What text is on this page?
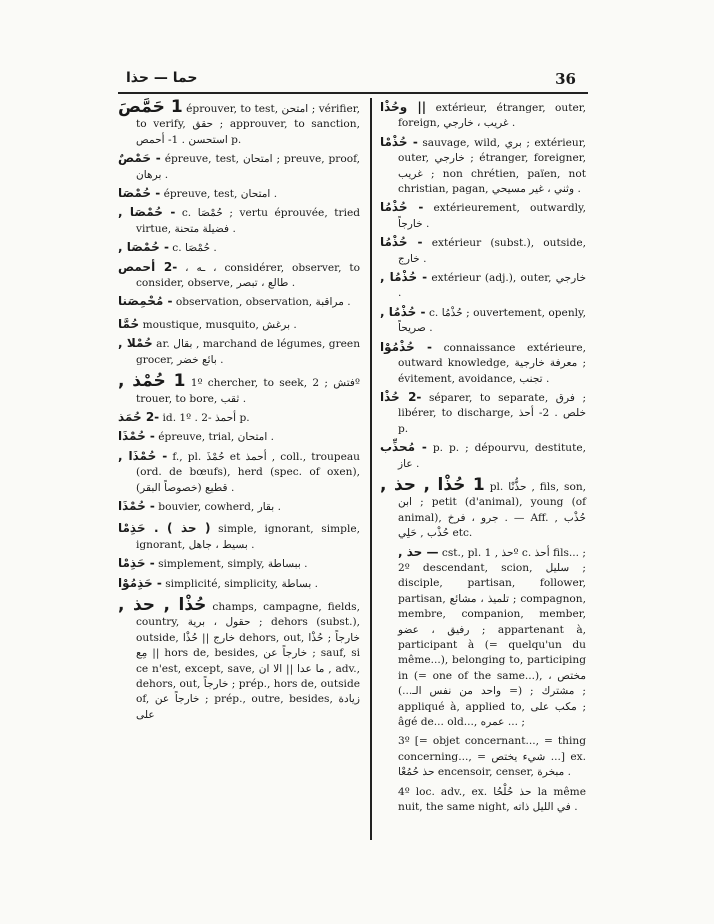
حما — حذا	36

1 حَمَّصَ éprouver, to test, امتحن ; vérifier, to verify, حقق ; approuver, to sanction, استحسن . 1- أحمص p.

- حَمْصٌ épreuve, test, امتحان ; preuve, proof, برهان .

- حُمْصَا épreuve, test, امتحان .

- حُمْصَا , c. حُمْصَا ; vertu éprouvée, tried virtue, فضيلة متحنة .

- حُمْصَا , c. حُمْصَا .

-2 أحمص ، ـه ، considérer, observer, to consider, observe, طالع ، تبصر .

- مُحْمِصَنا observation, observation, مراقبة .

حُمَّا moustique, musquito, برغش .

حُمْلا , ar. بقال , marchand de légumes, green grocer, بائع خضر .

1 حُمْذ , 1º chercher, to seek, فتش ; 2º trouer, to bore, ثقب .

-2 حُمَذ id. 1º . 2- أحمذ p.

- حُمْذَا épreuve, trial, امتحان .

- حُمْذَا , f., pl. حُمْذَ et أحمذ , coll., troupeau (ord. de bœufs), herd (spec. of oxen), قطيع (خصوصاً البقر) .

- حُمْذَا bouvier, cowherd, بقار .

( حذ ) . حَذِمْا simple, ignorant, simple, ignorant, بسيط ، جاهل .

- حَذِمْا simplement, simply, ببساطة .

- حَذِمُوْا simplicité, simplicity, بساطة .

حُذْا , حذ , champs, campagne, fields, country, حقول ، برية ; dehors (subst.), outside, خارج || حُذْا dehors, out, خارجاً ; حُذْا مِع || hors de, besides, خارجاً عن ; sauf, si ce n'est, except, save, ما عدا || الا ان , adv., dehors, out, خارجاً ; prép., hors de, outside of, خارجاً عن ; prép., outre, besides, زيادة على

|| وحُذْا extérieur, étranger, outer, foreign, غريب ، خارجي .

- حُذْمْا sauvage, wild, بري ; extérieur, outer, خارجي ; étranger, foreigner, غريب ; non chrétien, païen, not christian, pagan, وثني ، غير مسيحي .

- حُذْمُا extérieurement, outwardly, خارجاً .

- حُذْمُا extérieur (subst.), outside, خارج .

- حُذْمُا , extérieur (adj.), outer, خارجي .

- حُذْمُا , c. حُذْمُا ; ouvertement, openly, صريحاً .

- حُذْمُوْا connaissance extérieure, outward knowledge, معرفة خارجية ; évitement, avoidance, تجنب .

-2 حُذْا séparer, to separate, فرق ; libérer, to discharge, خلص . 2- أحذ p.

- مُحذِّب p. p. ; dépourvu, destitute, عاز .

1 حُذْا , حذ , pl. حذُّنْا , fils, son, ابن ; petit (d'animal), young (of animal), جرو ، فرخ . — Aff. حُذْب , حُذْب , حَلِي etc.

— حذ , cst., pl. حذ , 1º c. أحذ fils... ; 2º descendant, scion, سليل ; disciple, partisan, follower, partisan, تلميذ ، مشائع ; compagnon, membre, companion, member, رفيق ، عضو ; appartenant à, participant à (= quelqu'un du même...), belonging to, participing in (= one of the same...), مختص ، مشترك ; (= واحد من نفس الـ...) ; appliqué à, applied to, مكب على ; âgé de... old..., عمره ... ;

3º [= objet concernant..., = thing concerning..., = شيء يختص ...] ex. حذ حُمُعْا encensoir, censer, مبخرة .

4º loc. adv., ex. حذ حُلْحُا la même nuit, the same night, في الليل ذاته .
